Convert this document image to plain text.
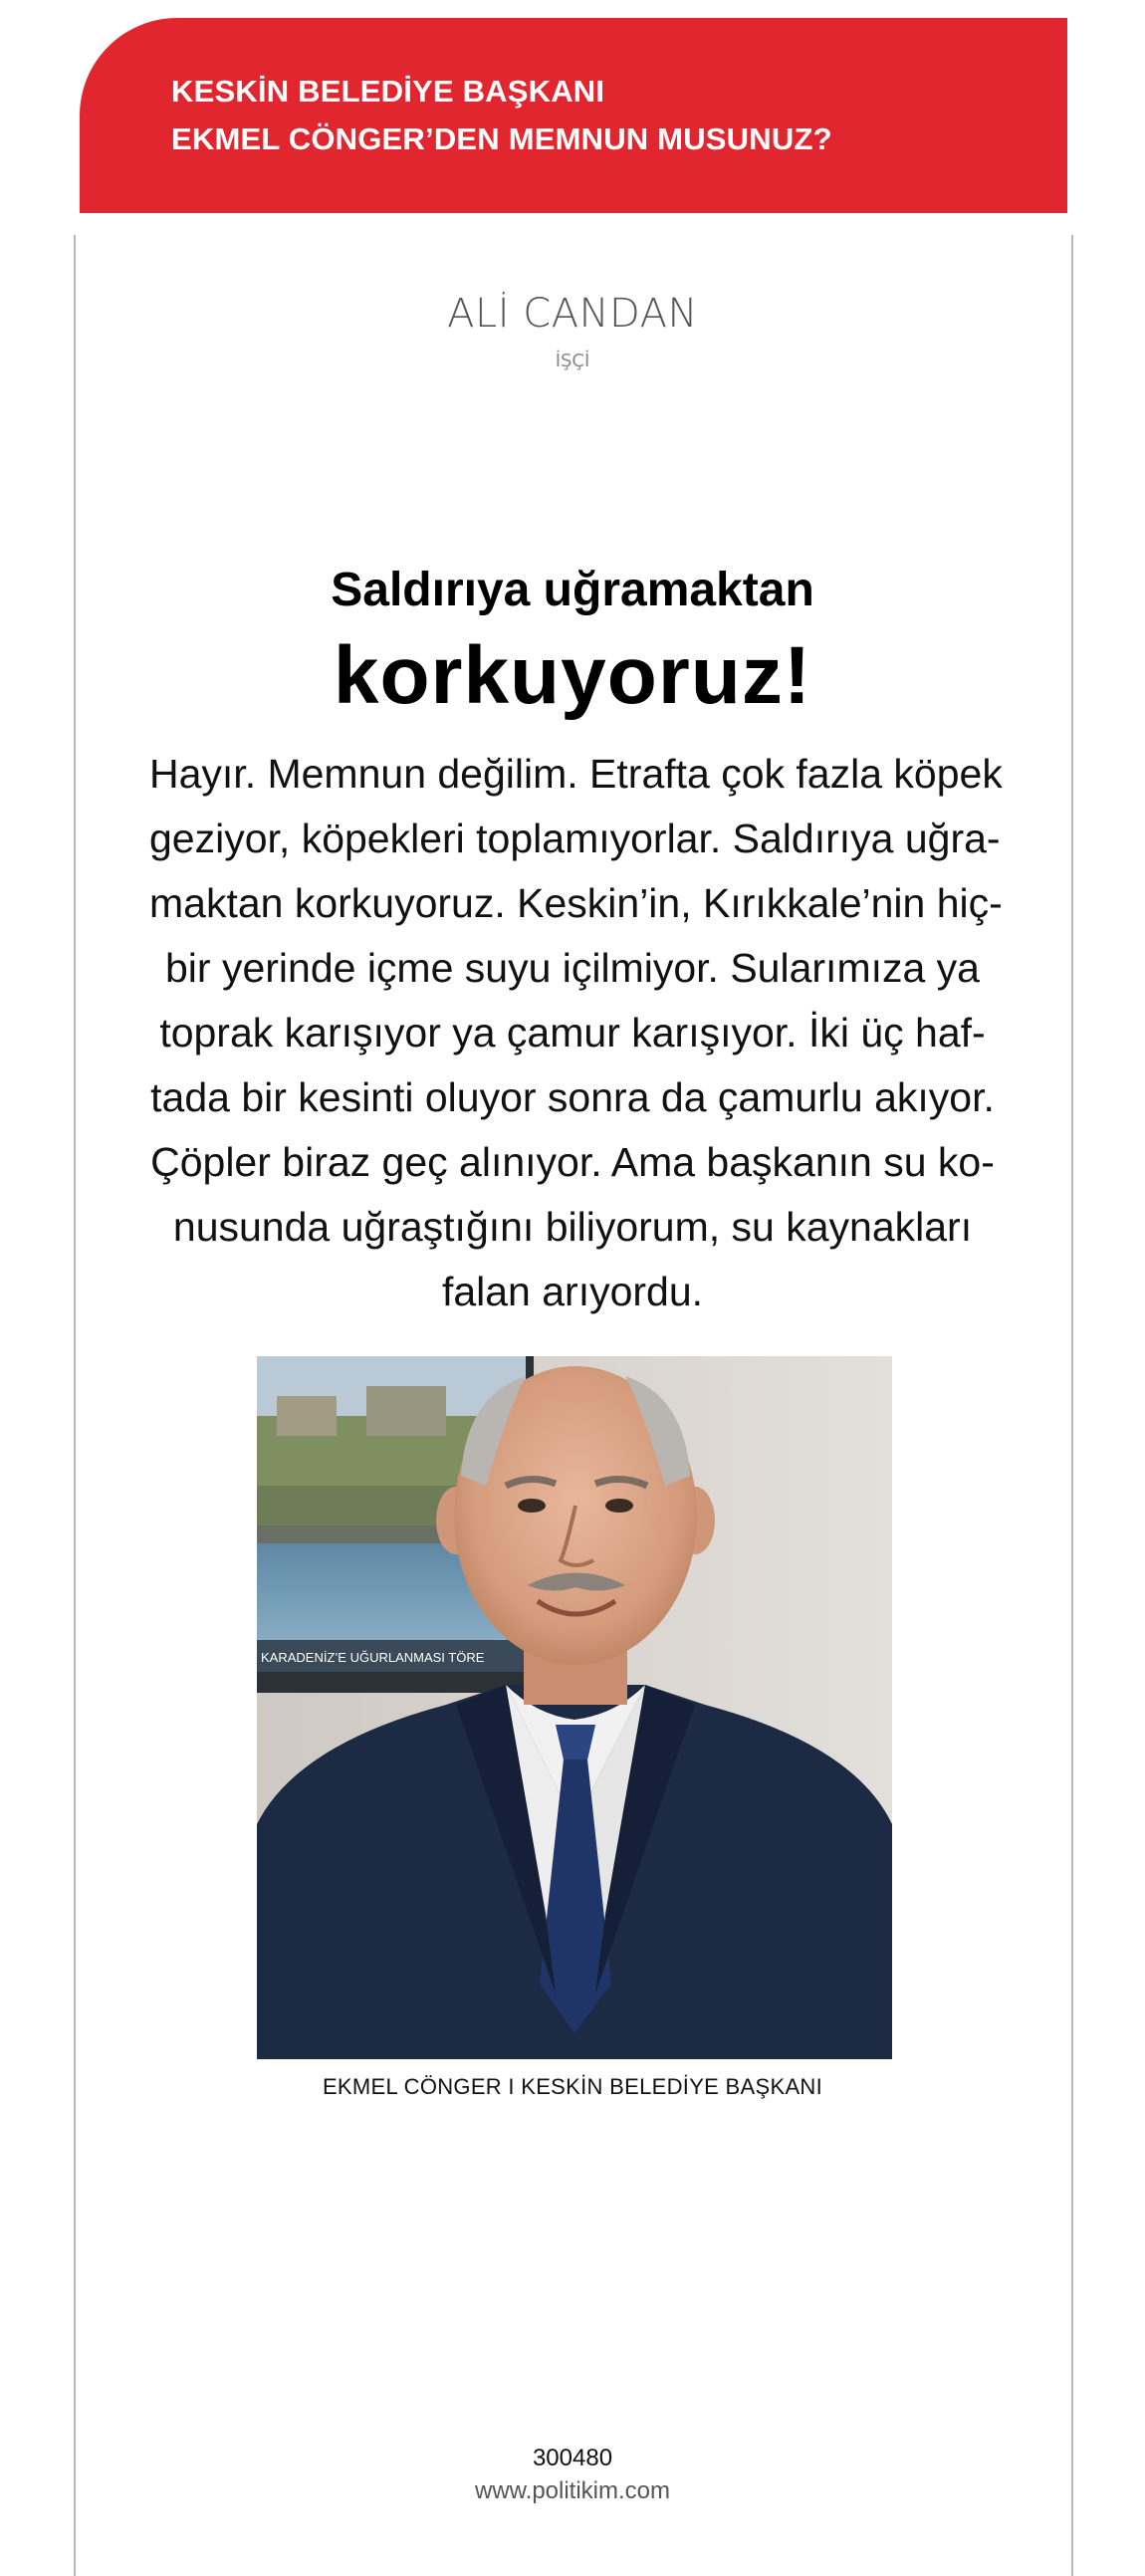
KESKİN BELEDİYE BAŞKANI
EKMEL CÖNGER’DEN MEMNUN MUSUNUZ?
ALİ CANDAN
İŞÇİ
Saldırıya uğramaktan
korkuyoruz!
Hayır. Memnun değilim. Etrafta çok fazla köpek
geziyor, köpekleri toplamıyorlar. Saldırıya uğra-
maktan korkuyoruz. Keskin’in, Kırıkkale’nin hiç-
bir yerinde içme suyu içilmiyor. Sularımıza ya
toprak karışıyor ya çamur karışıyor. İki üç haf-
tada bir kesinti oluyor sonra da çamurlu akıyor.
Çöpler biraz geç alınıyor. Ama başkanın su ko-
nusunda uğraştığını biliyorum, su kaynakları
falan arıyordu.
KARADENİZ’E UĞURLANMASI TÖRE
EKMEL CÖNGER I KESKİN BELEDİYE BAŞKANI
300480
www.politikim.com
